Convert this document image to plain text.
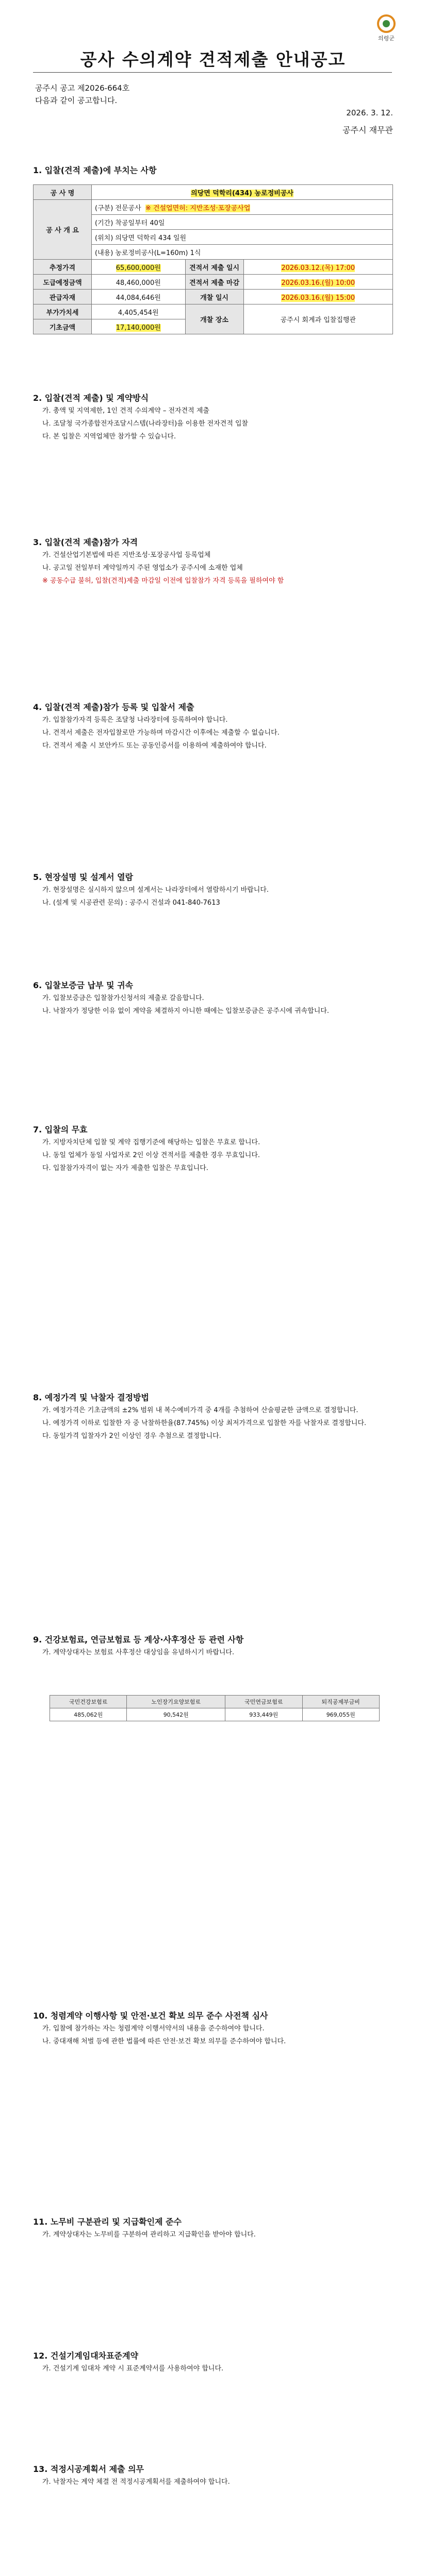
의령군
공사 수의계약 견적제출 안내공고
공주시 공고 제2026-664호
다음과 같이 공고합니다.
2026. 3. 12.
공주시 재무관
1. 입찰(견적 제출)에 부치는 사항
공 사 명	의당면 덕학리(434) 농로정비공사		
공 사 개 요	(구분) 전문공사 ※ 건설업면허: 지반조성·포장공사업		
	(기간) 착공일부터 40일		
	(위치) 의당면 덕학리 434 일원		
	(내용) 농로정비공사(L=160m) 1식		
추정가격	65,600,000원	견적서 제출 일시	2026.03.12.(목) 17:00
도급예정금액	48,460,000원	견적서 제출 마감	2026.03.16.(월) 10:00
관급자재	44,084,646원	개찰 일시	2026.03.16.(월) 15:00
부가가치세	4,405,454원	개찰 장소	공주시 회계과 입찰집행관
기초금액	17,140,000원		
2. 입찰(견적 제출) 및 계약방식

가. 총액 및 지역제한, 1인 견적 수의계약 – 전자견적 제출

나. 조달청 국가종합전자조달시스템(나라장터)을 이용한 전자견적 입찰

다. 본 입찰은 지역업체만 참가할 수 있습니다.

3. 입찰(견적 제출)참가 자격

가. 건설산업기본법에 따른 지반조성·포장공사업 등록업체

나. 공고일 전일부터 계약일까지 주된 영업소가 공주시에 소재한 업체

※ 공동수급 불허, 입찰(견적)제출 마감일 이전에 입찰참가 자격 등록을 필하여야 함

4. 입찰(견적 제출)참가 등록 및 입찰서 제출

가. 입찰참가자격 등록은 조달청 나라장터에 등록하여야 합니다.

나. 견적서 제출은 전자입찰로만 가능하며 마감시간 이후에는 제출할 수 없습니다.

다. 견적서 제출 시 보안카드 또는 공동인증서를 이용하여 제출하여야 합니다.

5. 현장설명 및 설계서 열람

가. 현장설명은 실시하지 않으며 설계서는 나라장터에서 열람하시기 바랍니다.

나. (설계 및 시공관련 문의) : 공주시 건설과 041-840-7613

6. 입찰보증금 납부 및 귀속

가. 입찰보증금은 입찰참가신청서의 제출로 갈음합니다.

나. 낙찰자가 정당한 이유 없이 계약을 체결하지 아니한 때에는 입찰보증금은 공주시에 귀속합니다.

7. 입찰의 무효

가. 지방자치단체 입찰 및 계약 집행기준에 해당하는 입찰은 무효로 합니다.

나. 동일 업체가 동일 사업자로 2인 이상 견적서를 제출한 경우 무효입니다.

다. 입찰참가자격이 없는 자가 제출한 입찰은 무효입니다.

8. 예정가격 및 낙찰자 결정방법

가. 예정가격은 기초금액의 ±2% 범위 내 복수예비가격 중 4개를 추첨하여 산술평균한 금액으로 결정합니다.

나. 예정가격 이하로 입찰한 자 중 낙찰하한율(87.745%) 이상 최저가격으로 입찰한 자를 낙찰자로 결정합니다.

다. 동일가격 입찰자가 2인 이상인 경우 추첨으로 결정합니다.

9. 건강보험료, 연금보험료 등 계상·사후정산 등 관련 사항

가. 계약상대자는 보험료 사후정산 대상임을 유념하시기 바랍니다.

국민건강보험료	노인장기요양보험료	국민연금보험료	퇴직공제부금비
485,062원	90,542원	933,449원	969,055원
10. 청렴계약 이행사항 및 안전·보건 확보 의무 준수 사전책 심사

가. 입찰에 참가하는 자는 청렴계약 이행서약서의 내용을 준수하여야 합니다.

나. 중대재해 처벌 등에 관한 법률에 따른 안전·보건 확보 의무를 준수하여야 합니다.

11. 노무비 구분관리 및 지급확인제 준수

가. 계약상대자는 노무비를 구분하여 관리하고 지급확인을 받아야 합니다.

12. 건설기계임대차표준계약

가. 건설기계 임대차 계약 시 표준계약서를 사용하여야 합니다.

13. 적정시공계획서 제출 의무

가. 낙찰자는 계약 체결 전 적정시공계획서를 제출하여야 합니다.
